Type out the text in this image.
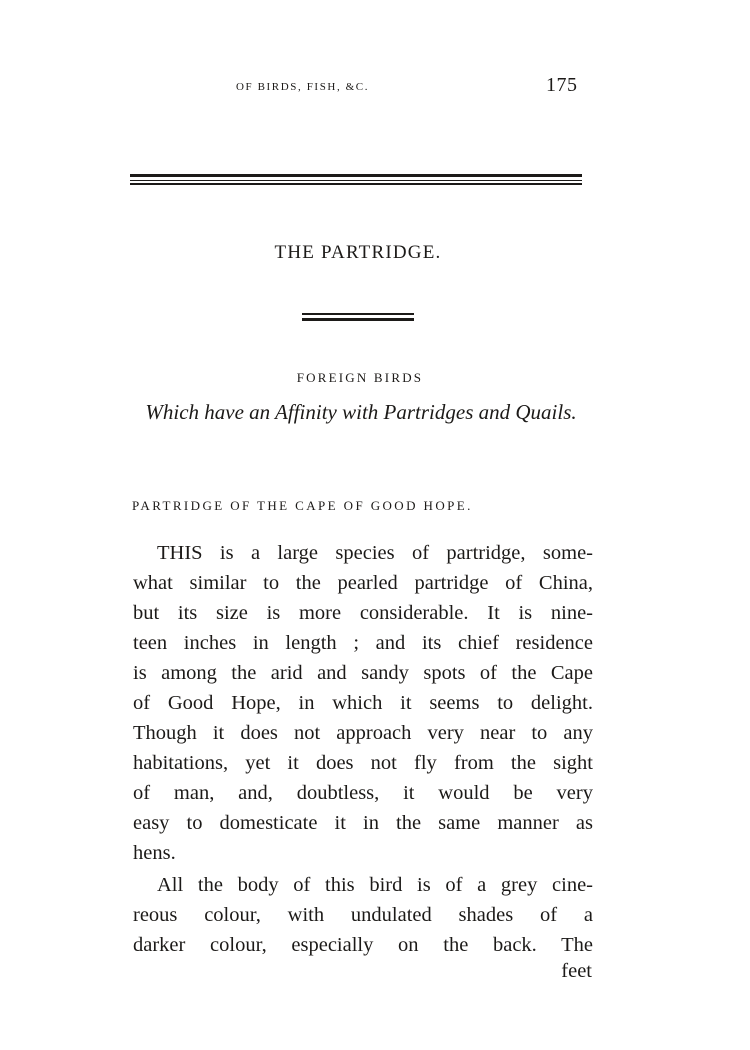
of birds, fish, &c.	175
THE PARTRIDGE.
FOREIGN BIRDS
Which have an Affinity with Partridges and Quails.
PARTRIDGE OF THE CAPE OF GOOD HOPE.
THIS is a large species of partridge, some-
what similar to the pearled partridge of China,
but its size is more considerable. It is nine-
teen inches in length ; and its chief residence
is among the arid and sandy spots of the Cape
of Good Hope, in which it seems to delight.
Though it does not approach very near to any
habitations, yet it does not fly from the sight
of man, and, doubtless, it would be very
easy to domesticate it in the same manner as
hens.
All the body of this bird is of a grey cine-
reous colour, with undulated shades of a
darker colour, especially on the back. The
feet
